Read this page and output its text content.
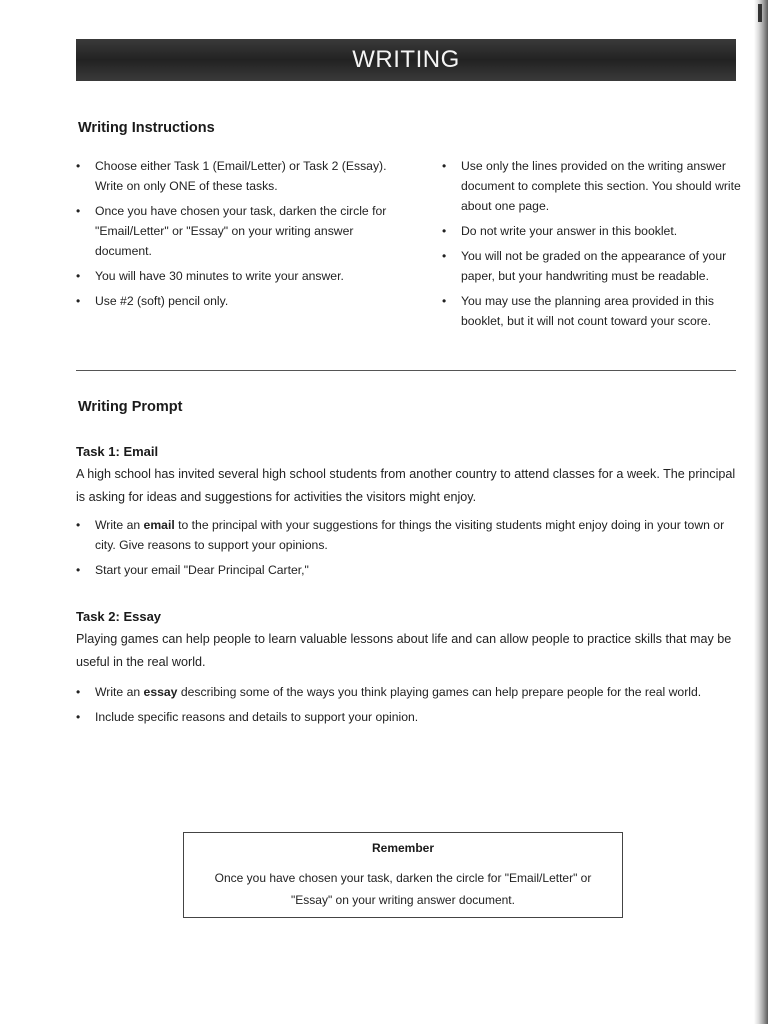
WRITING
Writing Instructions
• Choose either Task 1 (Email/Letter) or Task 2 (Essay). Write on only ONE of these tasks.
• Once you have chosen your task, darken the circle for "Email/Letter" or "Essay" on your writing answer document.
• You will have 30 minutes to write your answer.
• Use #2 (soft) pencil only.
• Use only the lines provided on the writing answer document to complete this section. You should write about one page.
• Do not write your answer in this booklet.
• You will not be graded on the appearance of your paper, but your handwriting must be readable.
• You may use the planning area provided in this booklet, but it will not count toward your score.
Writing Prompt
Task 1: Email

A high school has invited several high school students from another country to attend classes for a week. The principal is asking for ideas and suggestions for activities the visitors might enjoy.

• Write an email to the principal with your suggestions for things the visiting students might enjoy doing in your town or city. Give reasons to support your opinions.
• Start your email "Dear Principal Carter,"
Task 2: Essay

Playing games can help people to learn valuable lessons about life and can allow people to practice skills that may be useful in the real world.

• Write an essay describing some of the ways you think playing games can help prepare people for the real world.
• Include specific reasons and details to support your opinion.
Remember
Once you have chosen your task, darken the circle for "Email/Letter" or "Essay" on your writing answer document.
